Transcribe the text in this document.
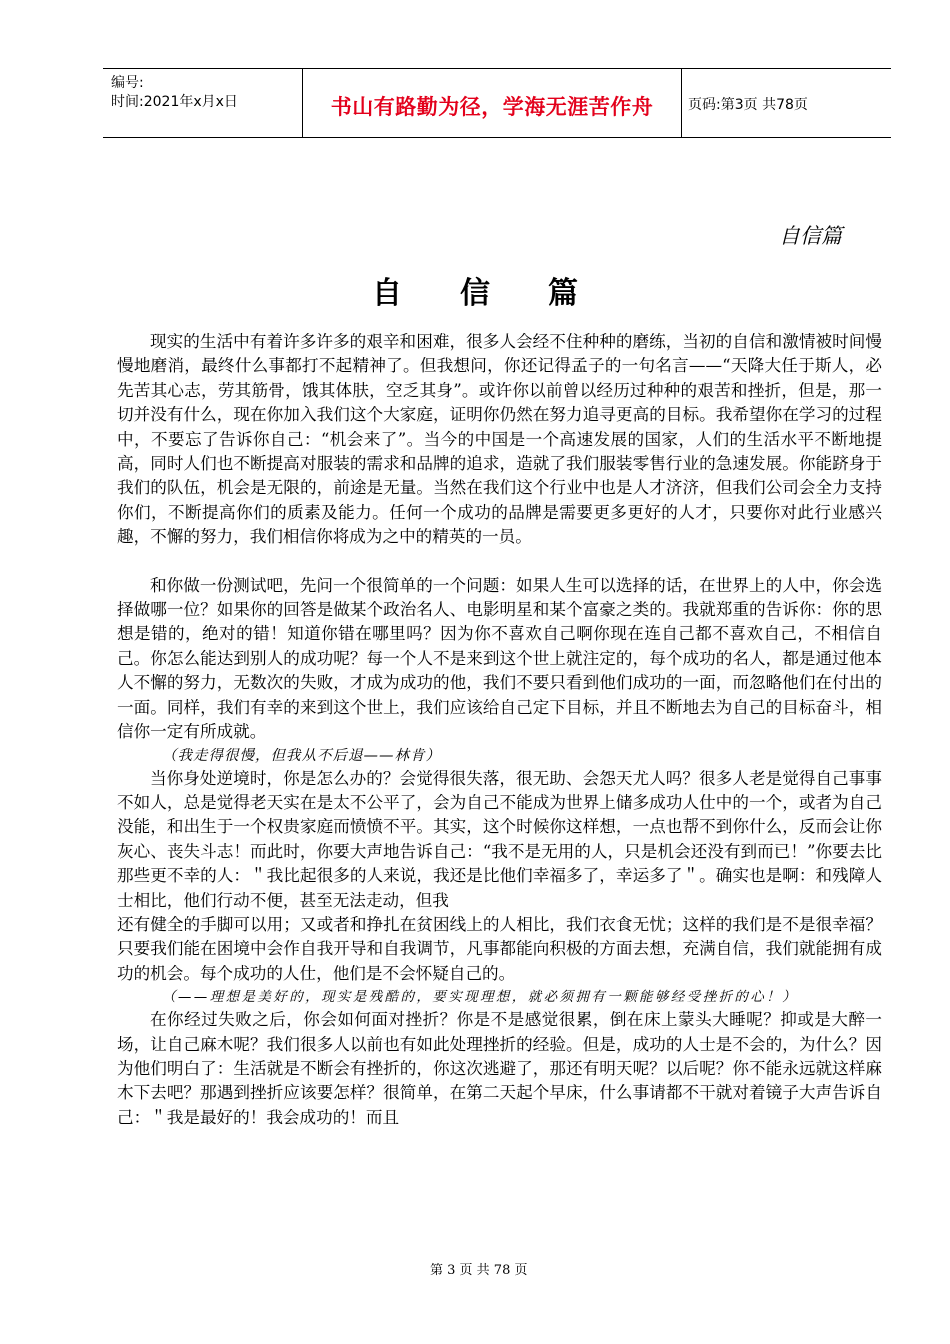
编号:
时间:2021年x月x日	书山有路勤为径，学海无涯苦作舟	页码:第3页 共78页
自信篇
自信篇

现实的生活中有着许多许多的艰辛和困难，很多人会经不住种种的磨练，当初的自信和激情被时间慢慢地磨消，最终什么事都打不起精神了。但我想问，你还记得孟子的一句名言——“天降大任于斯人，必先苦其心志，劳其筋骨，饿其体肤，空乏其身”。或许你以前曾以经历过种种的艰苦和挫折，但是，那一切并没有什么，现在你加入我们这个大家庭，证明你仍然在努力追寻更高的目标。我希望你在学习的过程中，不要忘了告诉你自己：“机会来了”。当今的中国是一个高速发展的国家，人们的生活水平不断地提高，同时人们也不断提高对服装的需求和品牌的追求，造就了我们服装零售行业的急速发展。你能跻身于我们的队伍，机会是无限的，前途是无量。当然在我们这个行业中也是人才济济，但我们公司会全力支持你们，不断提高你们的质素及能力。任何一个成功的品牌是需要更多更好的人才，只要你对此行业感兴趣，不懈的努力，我们相信你将成为之中的精英的一员。

和你做一份测试吧，先问一个很简单的一个问题：如果人生可以选择的话，在世界上的人中，你会选择做哪一位？如果你的回答是做某个政治名人、电影明星和某个富豪之类的。我就郑重的告诉你：你的思想是错的，绝对的错！知道你错在哪里吗？因为你不喜欢自己啊你现在连自己都不喜欢自己，不相信自己。你怎么能达到别人的成功呢？每一个人不是来到这个世上就注定的，每个成功的名人，都是通过他本人不懈的努力，无数次的失败，才成为成功的他，我们不要只看到他们成功的一面，而忽略他们在付出的一面。同样，我们有幸的来到这个世上，我们应该给自己定下目标，并且不断地去为自己的目标奋斗，相信你一定有所成就。

（我走得很慢，但我从不后退——林肯）

当你身处逆境时，你是怎么办的？会觉得很失落，很无助、会怨天尤人吗？很多人老是觉得自己事事不如人，总是觉得老天实在是太不公平了，会为自己不能成为世界上储多成功人仕中的一个，或者为自己没能，和出生于一个权贵家庭而愤愤不平。其实，这个时候你这样想，一点也帮不到你什么，反而会让你灰心、丧失斗志！而此时，你要大声地告诉自己：“我不是无用的人，只是机会还没有到而已！”你要去比那些更不幸的人：＂我比起很多的人来说，我还是比他们幸福多了，幸运多了＂。确实也是啊：和残障人士相比，他们行动不便，甚至无法走动，但我

还有健全的手脚可以用；又或者和挣扎在贫困线上的人相比，我们衣食无忧；这样的我们是不是很幸福？只要我们能在困境中会作自我开导和自我调节，凡事都能向积极的方面去想，充满自信，我们就能拥有成功的机会。每个成功的人仕，他们是不会怀疑自己的。

（——理想是美好的，现实是残酷的，要实现理想，就必须拥有一颗能够经受挫折的心！）

在你经过失败之后，你会如何面对挫折？你是不是感觉很累，倒在床上蒙头大睡呢？抑或是大醉一场，让自己麻木呢？我们很多人以前也有如此处理挫折的经验。但是，成功的人士是不会的，为什么？因为他们明白了：生活就是不断会有挫折的，你这次逃避了，那还有明天呢？以后呢？你不能永远就这样麻木下去吧？那遇到挫折应该要怎样？很简单，在第二天起个早床，什么事请都不干就对着镜子大声告诉自己：＂我是最好的！我会成功的！而且

第 3 页 共 78 页
